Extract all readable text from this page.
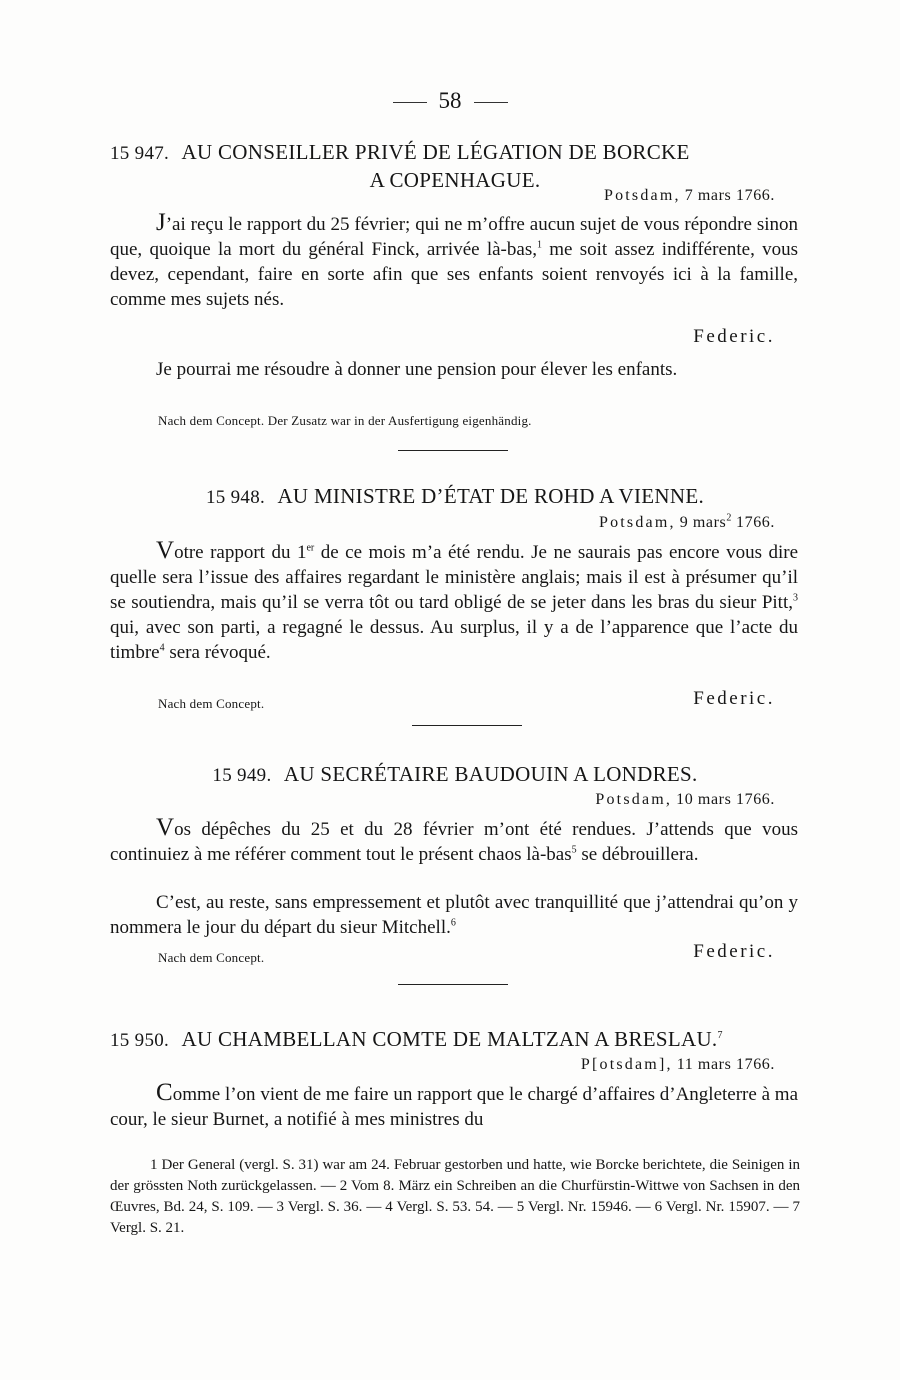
58
15 947. AU CONSEILLER PRIVÉ DE LÉGATION DE BORCKE
A COPENHAGUE.
Potsdam, 7 mars 1766.
J’ai reçu le rapport du 25 février; qui ne m’offre aucun sujet de vous répondre sinon que, quoique la mort du général Finck, arrivée là-bas,$^1$ me soit assez indifférente, vous devez, cependant, faire en sorte afin que ses enfants soient renvoyés ici à la famille, comme mes sujets nés.
Federic.
Je pourrai me résoudre à donner une pension pour élever les enfants.
Nach dem Concept. Der Zusatz war in der Ausfertigung eigenhändig.
15 948. AU MINISTRE D’ÉTAT DE ROHD A VIENNE.
Potsdam, 9 mars$^2$ 1766.
Votre rapport du 1er de ce mois m’a été rendu. Je ne saurais pas encore vous dire quelle sera l’issue des affaires regardant le ministère anglais; mais il est à présumer qu’il se soutiendra, mais qu’il se verra tôt ou tard obligé de se jeter dans les bras du sieur Pitt,$^3$ qui, avec son parti, a regagné le dessus. Au surplus, il y a de l’apparence que l’acte du timbre$^4$ sera révoqué.
Nach dem Concept.	Federic.
15 949. AU SECRÉTAIRE BAUDOUIN A LONDRES.
Potsdam, 10 mars 1766.
Vos dépêches du 25 et du 28 février m’ont été rendues. J’attends que vous continuiez à me référer comment tout le présent chaos là-bas$^5$ se débrouillera.
C’est, au reste, sans empressement et plutôt avec tranquillité que j’attendrai qu’on y nommera le jour du départ du sieur Mitchell.$^6$
Nach dem Concept.	Federic.
15 950. AU CHAMBELLAN COMTE DE MALTZAN A BRESLAU.$^7$
P[otsdam], 11 mars 1766.
Comme l’on vient de me faire un rapport que le chargé d’affaires d’Angleterre à ma cour, le sieur Burnet, a notifié à mes ministres du
1 Der General (vergl. S. 31) war am 24. Februar gestorben und hatte, wie Borcke berichtete, die Seinigen in der grössten Noth zurückgelassen. — 2 Vom 8. März ein Schreiben an die Churfürstin-Wittwe von Sachsen in den Œuvres, Bd. 24, S. 109. — 3 Vergl. S. 36. — 4 Vergl. S. 53. 54. — 5 Vergl. Nr. 15946. — 6 Vergl. Nr. 15907. — 7 Vergl. S. 21.
